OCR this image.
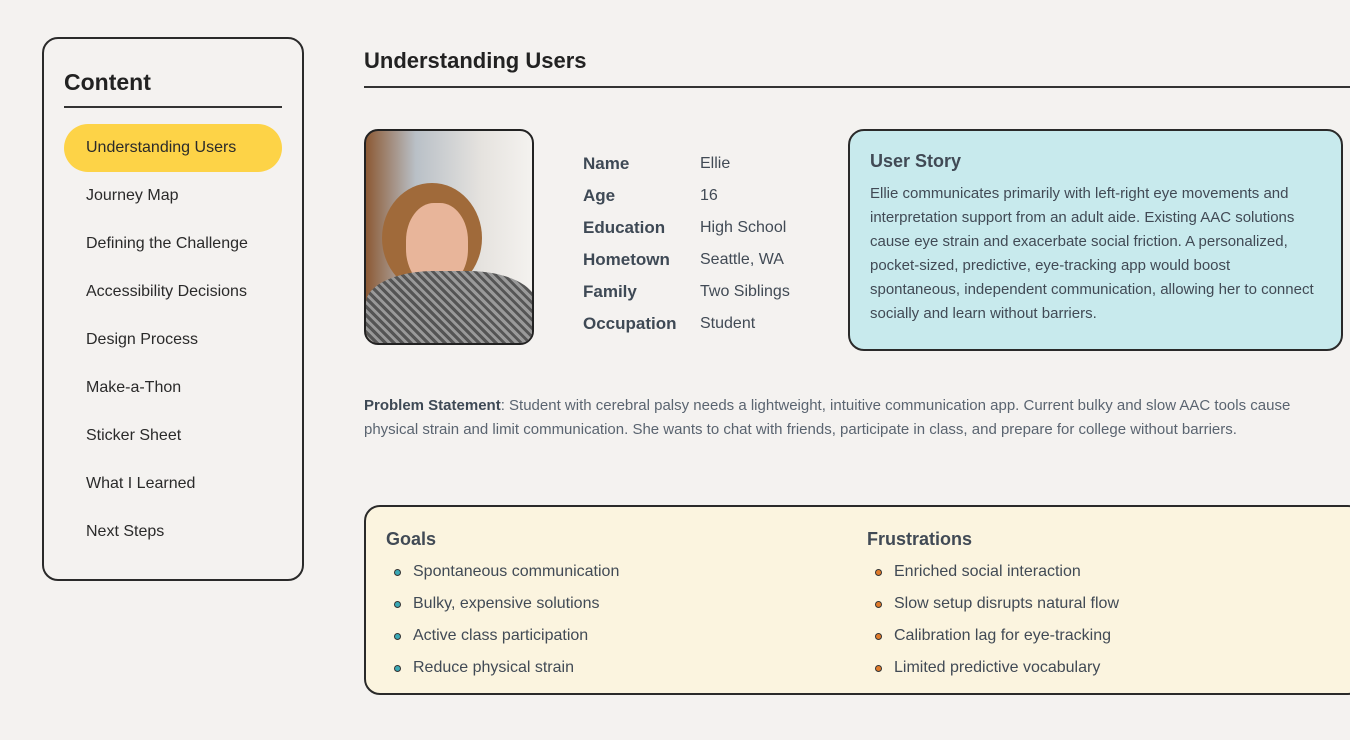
Content
Understanding Users
Journey Map
Defining the Challenge
Accessibility Decisions
Design Process
Make-a-Thon
Sticker Sheet
What I Learned
Next Steps
Understanding Users
Name	Ellie
Age	16
Education	High School
Hometown	Seattle, WA
Family	Two Siblings
Occupation	Student
User Story

Ellie communicates primarily with left-right eye movements and interpretation support from an adult aide. Existing AAC solutions cause eye strain and exacerbate social friction. A personalized, pocket-sized, predictive, eye-tracking app would boost spontaneous, independent communication, allowing her to connect socially and learn without barriers.

Problem Statement: Student with cerebral palsy needs a lightweight, intuitive communication app. Current bulky and slow AAC tools cause physical strain and limit communication. She wants to chat with friends, participate in class, and prepare for college without barriers.
Goals
Spontaneous communication
Bulky, expensive solutions
Active class participation
Reduce physical strain
Frustrations
Enriched social interaction
Slow setup disrupts natural flow
Calibration lag for eye-tracking
Limited predictive vocabulary
